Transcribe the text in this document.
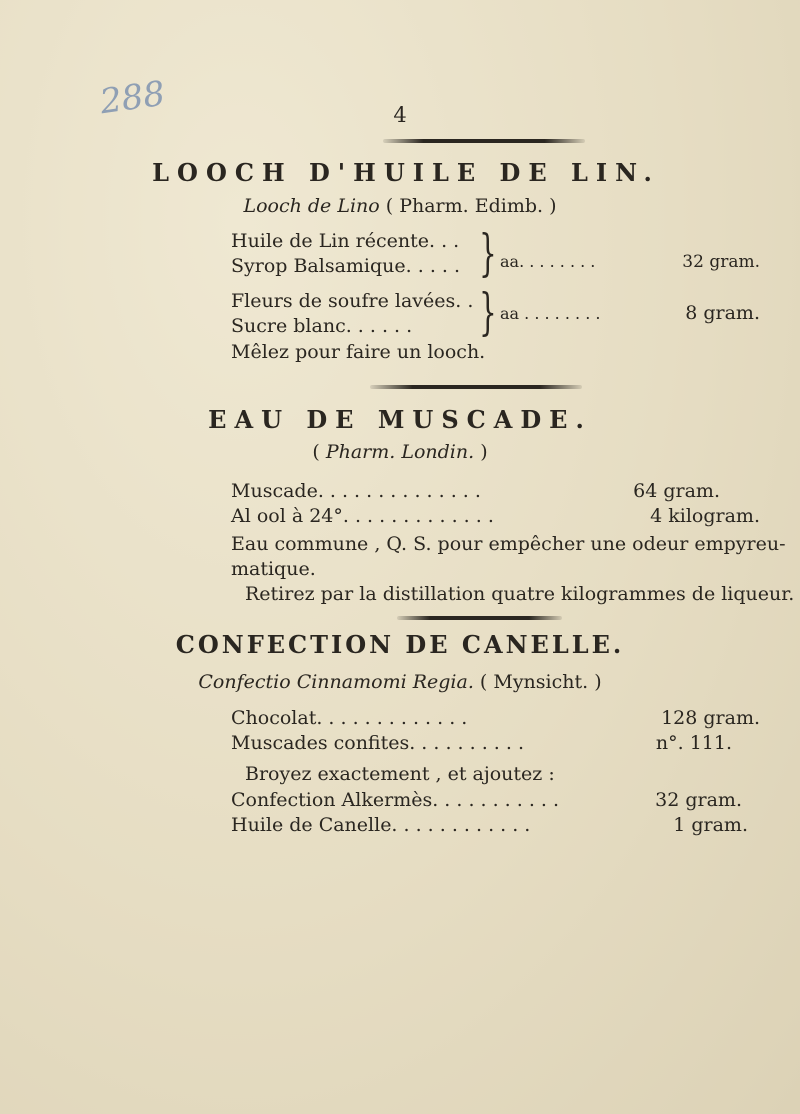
288	4
LOOCH D'HUILE DE LIN.
Looch de Lino ( Pharm. Edimb. )
Huile de Lin récente. . .
Syrop Balsamique. . . . . } aa. . . . . . . .	32 gram.
Fleurs de soufre lavées. .
Sucre blanc. . . . . . } aa . . . . . . . .	8 gram.
Mêlez pour faire un looch.
EAU DE MUSCADE.
( Pharm. Londin. )
Muscade. . . . . . . . . . . . . .	64 gram.
Al ool à 24°. . . . . . . . . . . . .	4 kilogram.
Eau commune , Q. S. pour empêcher une odeur empyreu-
matique.
Retirez par la distillation quatre kilogrammes de liqueur.
CONFECTION DE CANELLE.
Confectio Cinnamomi Regia. ( Mynsicht. )
Chocolat. . . . . . . . . . . . .	128 gram.
Muscades confites. . . . . . . . . .	n°. 111.
Broyez exactement , et ajoutez :
Confection Alkermès. . . . . . . . . . .	32 gram.
Huile de Canelle. . . . . . . . . . . .	1 gram.
